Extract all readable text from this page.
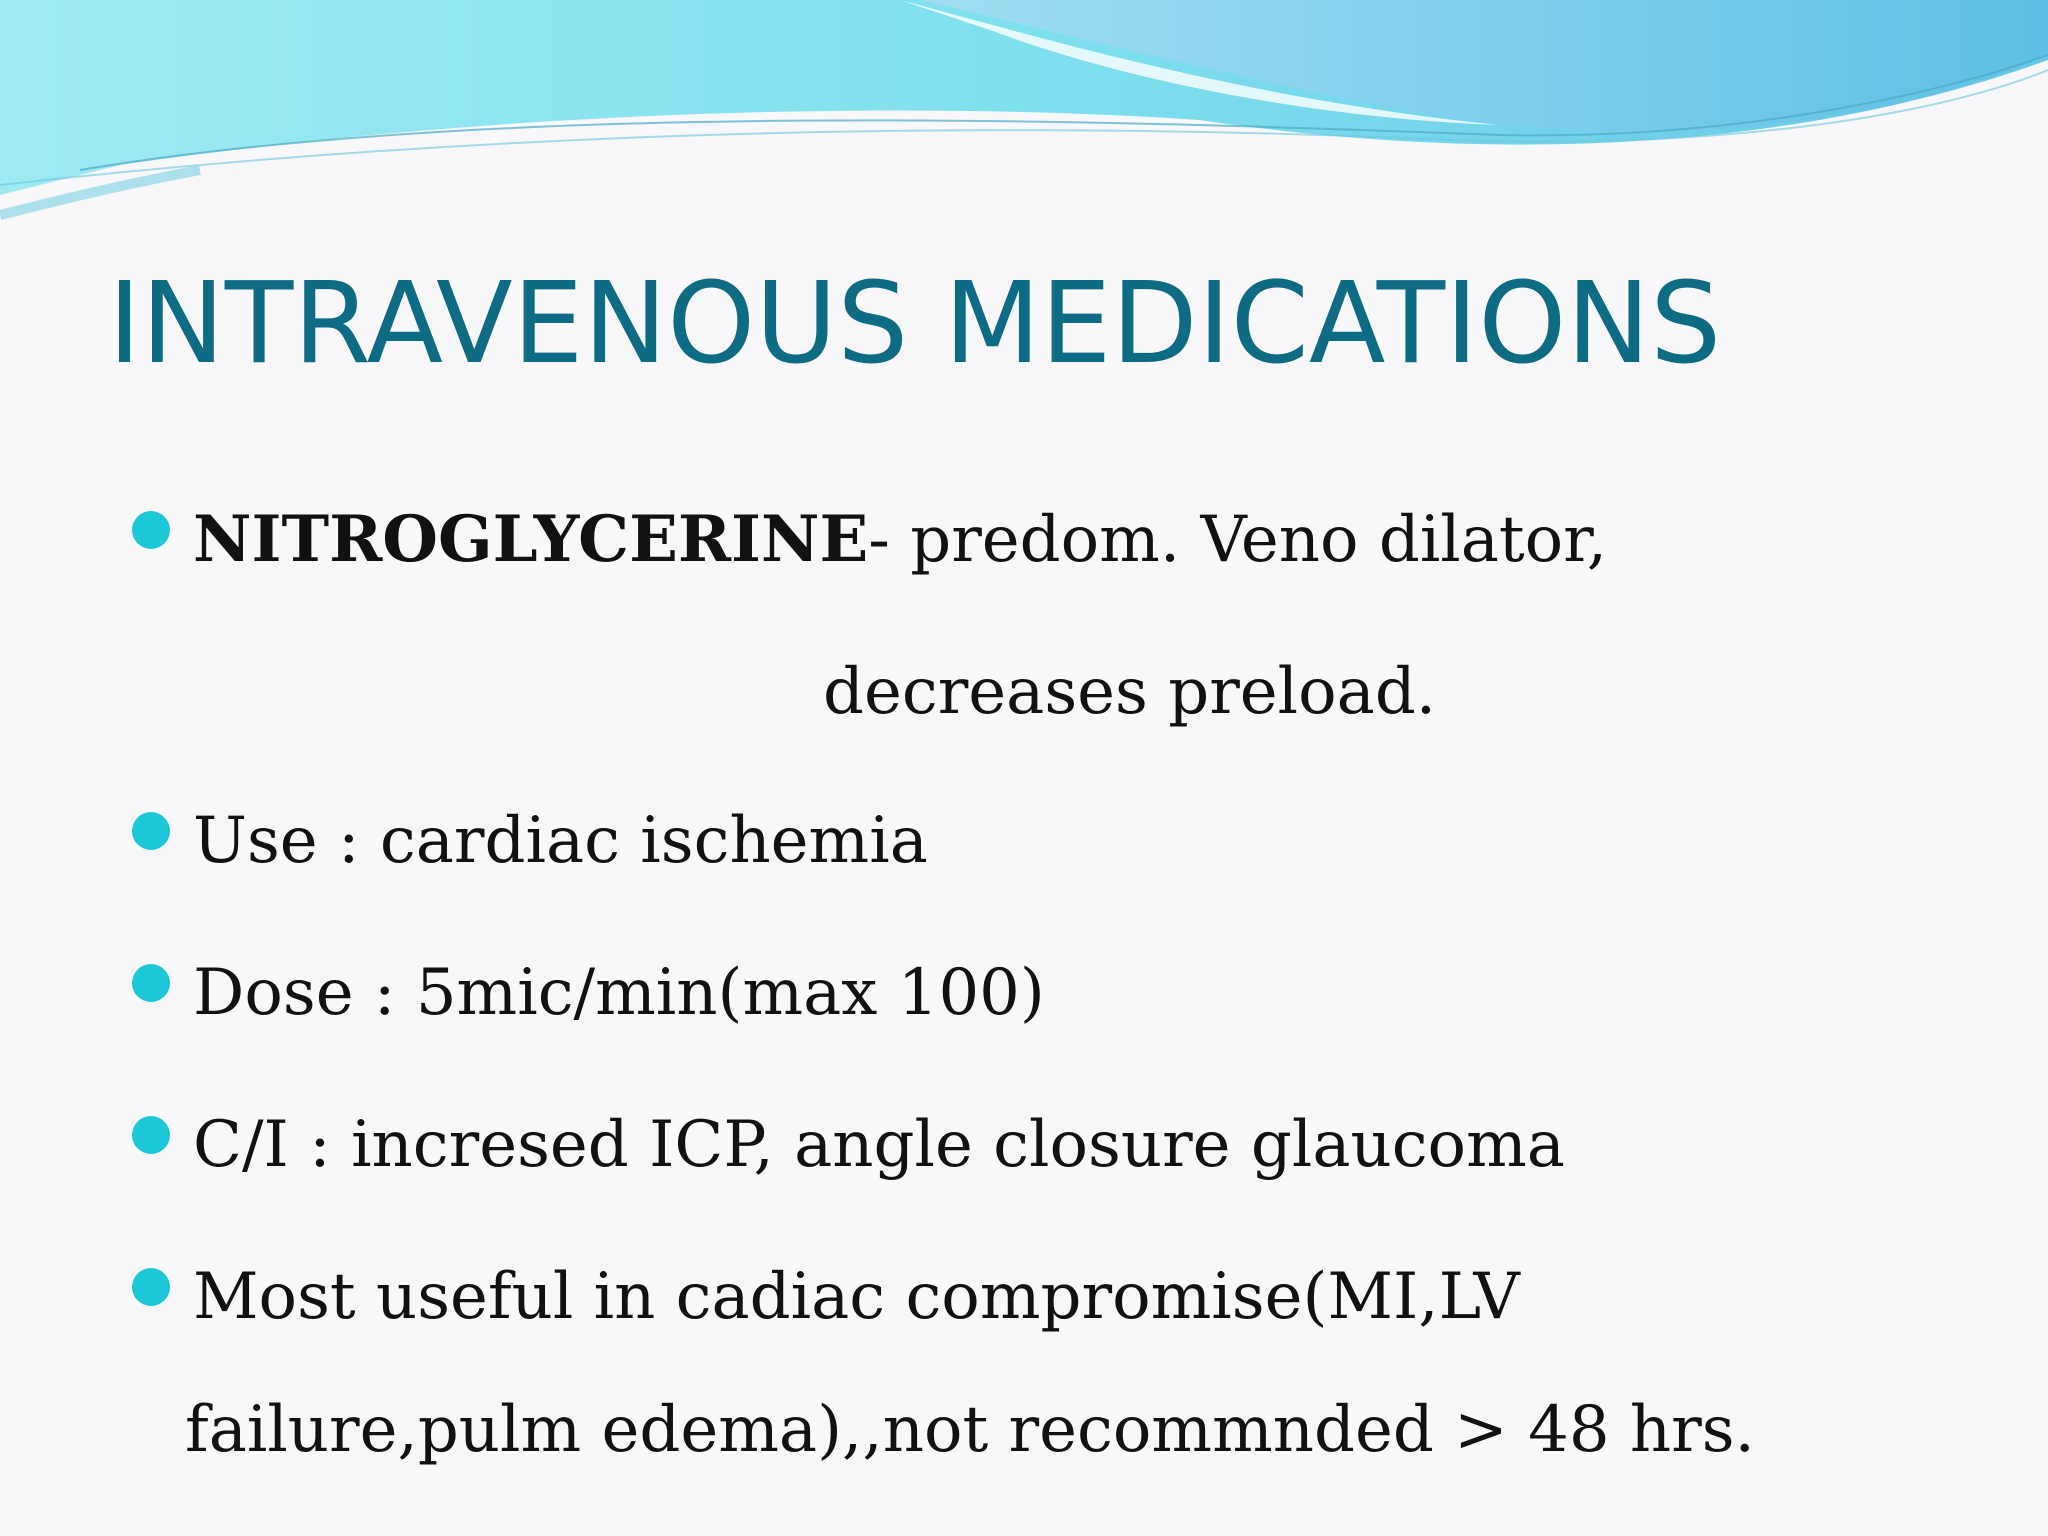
INTRAVENOUS MEDICATIONS
NITROGLYCERINE- predom. Veno dilator,
decreases preload.
Use : cardiac ischemia
Dose : 5mic/min(max 100)
C/I : incresed ICP, angle closure glaucoma
Most useful in cadiac compromise(MI,LV
failure,pulm edema),,not recommnded > 48 hrs.
